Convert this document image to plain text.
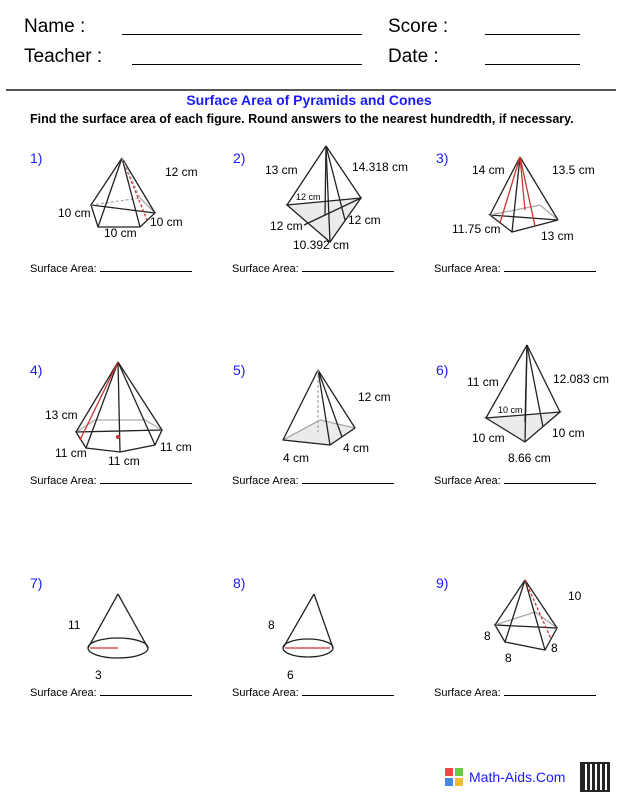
Name :
Teacher :
Score :
Date :
Surface Area of Pyramids and Cones
Find the surface area of each figure. Round answers to the nearest hundredth, if necessary.
1)
12 cm
10 cm
10 cm
10 cm
2)
13 cm	14.318 cm
12 cm
12 cm	12 cm
10.392 cm
3)
14 cm	13.5 cm
11.75 cm	13 cm
4)
13 cm
11 cm
11 cm
11 cm
5)
12 cm
4 cm
4 cm
6)
11 cm	12.083 cm
10 cm
10 cm	10 cm
8.66 cm
7)
11
3
8)
8
6
9)
10
8
8
8
Surface Area:	Surface Area:	Surface Area:
Surface Area:	Surface Area:	Surface Area:
Surface Area:	Surface Area:	Surface Area:
Math-Aids.Com
